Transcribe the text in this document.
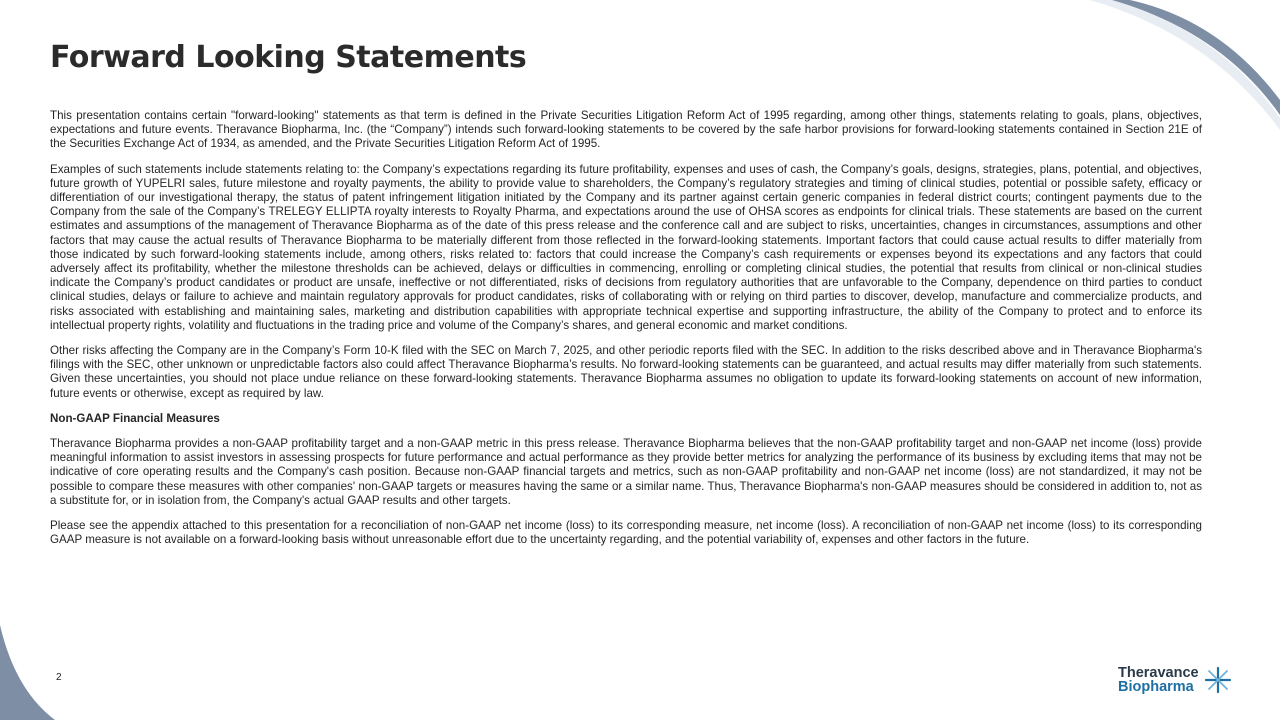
Forward Looking Statements

This presentation contains certain "forward-looking" statements as that term is defined in the Private Securities Litigation Reform Act of 1995 regarding, among other things, statements relating to goals, plans, objectives, expectations and future events. Theravance Biopharma, Inc. (the “Company”) intends such forward-looking statements to be covered by the safe harbor provisions for forward-looking statements contained in Section 21E of the Securities Exchange Act of 1934, as amended, and the Private Securities Litigation Reform Act of 1995.

Examples of such statements include statements relating to: the Company’s expectations regarding its future profitability, expenses and uses of cash, the Company’s goals, designs, strategies, plans, potential, and objectives, future growth of YUPELRI sales, future milestone and royalty payments, the ability to provide value to shareholders, the Company’s regulatory strategies and timing of clinical studies, potential or possible safety, efficacy or differentiation of our investigational therapy, the status of patent infringement litigation initiated by the Company and its partner against certain generic companies in federal district courts; contingent payments due to the Company from the sale of the Company’s TRELEGY ELLIPTA royalty interests to Royalty Pharma, and expectations around the use of OHSA scores as endpoints for clinical trials. These statements are based on the current estimates and assumptions of the management of Theravance Biopharma as of the date of this press release and the conference call and are subject to risks, uncertainties, changes in circumstances, assumptions and other factors that may cause the actual results of Theravance Biopharma to be materially different from those reflected in the forward-looking statements. Important factors that could cause actual results to differ materially from those indicated by such forward-looking statements include, among others, risks related to: factors that could increase the Company’s cash requirements or expenses beyond its expectations and any factors that could adversely affect its profitability, whether the milestone thresholds can be achieved, delays or difficulties in commencing, enrolling or completing clinical studies, the potential that results from clinical or non-clinical studies indicate the Company’s product candidates or product are unsafe, ineffective or not differentiated, risks of decisions from regulatory authorities that are unfavorable to the Company, dependence on third parties to conduct clinical studies, delays or failure to achieve and maintain regulatory approvals for product candidates, risks of collaborating with or relying on third parties to discover, develop, manufacture and commercialize products, and risks associated with establishing and maintaining sales, marketing and distribution capabilities with appropriate technical expertise and supporting infrastructure, the ability of the Company to protect and to enforce its intellectual property rights, volatility and fluctuations in the trading price and volume of the Company’s shares, and general economic and market conditions.

Other risks affecting the Company are in the Company’s Form 10-K filed with the SEC on March 7, 2025, and other periodic reports filed with the SEC. In addition to the risks described above and in Theravance Biopharma's filings with the SEC, other unknown or unpredictable factors also could affect Theravance Biopharma’s results. No forward-looking statements can be guaranteed, and actual results may differ materially from such statements. Given these uncertainties, you should not place undue reliance on these forward-looking statements. Theravance Biopharma assumes no obligation to update its forward-looking statements on account of new information, future events or otherwise, except as required by law.

Non-GAAP Financial Measures

Theravance Biopharma provides a non-GAAP profitability target and a non-GAAP metric in this press release. Theravance Biopharma believes that the non-GAAP profitability target and non-GAAP net income (loss) provide meaningful information to assist investors in assessing prospects for future performance and actual performance as they provide better metrics for analyzing the performance of its business by excluding items that may not be indicative of core operating results and the Company's cash position. Because non-GAAP financial targets and metrics, such as non-GAAP profitability and non-GAAP net income (loss) are not standardized, it may not be possible to compare these measures with other companies' non-GAAP targets or measures having the same or a similar name. Thus, Theravance Biopharma's non-GAAP measures should be considered in addition to, not as a substitute for, or in isolation from, the Company's actual GAAP results and other targets.

Please see the appendix attached to this presentation for a reconciliation of non-GAAP net income (loss) to its corresponding measure, net income (loss). A reconciliation of non-GAAP net income (loss) to its corresponding GAAP measure is not available on a forward-looking basis without unreasonable effort due to the uncertainty regarding, and the potential variability of, expenses and other factors in the future.

2	Theravance
Biopharma
